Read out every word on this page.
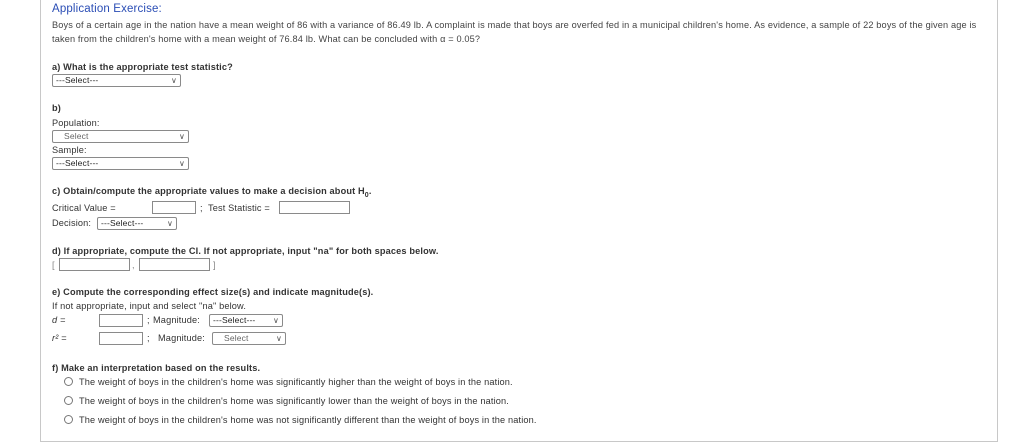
Application Exercise:
Boys of a certain age in the nation have a mean weight of 86 with a variance of 86.49 lb. A complaint is made that boys are overfed fed in a municipal children's home. As evidence, a sample of 22 boys of the given age is taken from the children's home with a mean weight of 76.84 lb. What can be concluded with α = 0.05?
a) What is the appropriate test statistic?
---Select---	∨
b)
Population:
Select	∨
Sample:
---Select---	∨
c) Obtain/compute the appropriate values to make a decision about $H_0$.
Critical Value =	; Test Statistic =
Decision:	---Select---	∨
d) If appropriate, compute the CI. If not appropriate, input "na" for both spaces below.
[	,	]
e) Compute the corresponding effect size(s) and indicate magnitude(s).
If not appropriate, input and select "na" below.
d =	; Magnitude:	---Select--- ∨
r² =	; Magnitude:	Select	∨
f) Make an interpretation based on the results.
The weight of boys in the children's home was significantly higher than the weight of boys in the nation.
The weight of boys in the children's home was significantly lower than the weight of boys in the nation.
The weight of boys in the children's home was not significantly different than the weight of boys in the nation.
